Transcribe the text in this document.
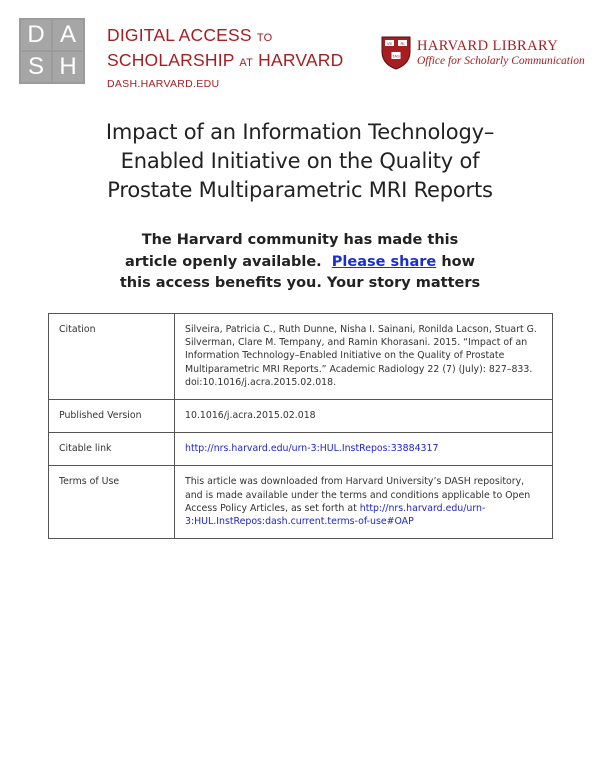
D A
S H
DIGITAL ACCESS TO
SCHOLARSHIP AT HARVARD
DASH.HARVARD.EDU
VE RI
TAS
HARVARD LIBRARY
Office for Scholarly Communication
Impact of an Information Technology–
Enabled Initiative on the Quality of
Prostate Multiparametric MRI Reports
The Harvard community has made this
article openly available. Please share how
this access benefits you. Your story matters
Citation	Silveira, Patricia C., Ruth Dunne, Nisha I. Sainani, Ronilda Lacson, Stuart G. Silverman, Clare M. Tempany, and Ramin Khorasani. 2015. “Impact of an Information Technology–Enabled Initiative on the Quality of Prostate Multiparametric MRI Reports.” Academic Radiology 22 (7) (July): 827–833. doi:10.1016/j.acra.2015.02.018.
Published Version	10.1016/j.acra.2015.02.018
Citable link	http://nrs.harvard.edu/urn-3:HUL.InstRepos:33884317
Terms of Use	This article was downloaded from Harvard University’s DASH repository, and is made available under the terms and conditions applicable to Open Access Policy Articles, as set forth at http://nrs.harvard.edu/urn-3:HUL.InstRepos:dash.current.terms-of-use#OAP
